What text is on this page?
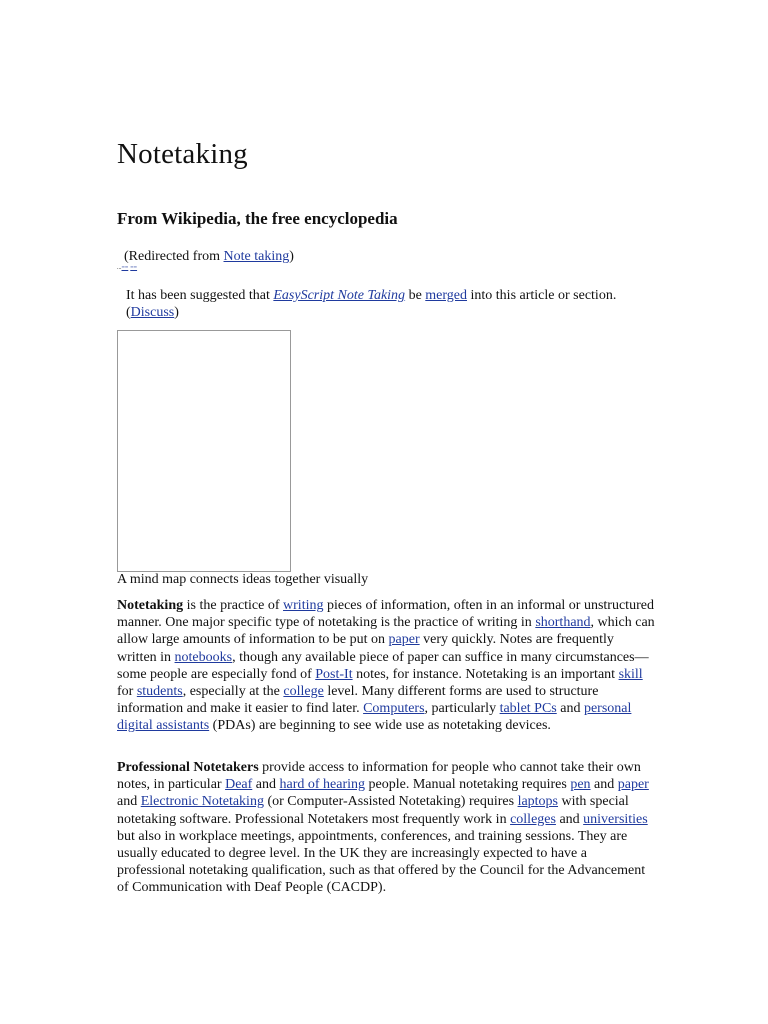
Notetaking
From Wikipedia, the free encyclopedia
(Redirected from Note taking)
...== ==
It has been suggested that EasyScript Note Taking be merged into this article or section. (Discuss)
A mind map connects ideas together visually

Notetaking is the practice of writing pieces of information, often in an informal or unstructured manner. One major specific type of notetaking is the practice of writing in shorthand, which can allow large amounts of information to be put on paper very quickly. Notes are frequently written in notebooks, though any available piece of paper can suffice in many circumstances—some people are especially fond of Post-It notes, for instance. Notetaking is an important skill for students, especially at the college level. Many different forms are used to structure information and make it easier to find later. Computers, particularly tablet PCs and personal digital assistants (PDAs) are beginning to see wide use as notetaking devices.

Professional Notetakers provide access to information for people who cannot take their own notes, in particular Deaf and hard of hearing people. Manual notetaking requires pen and paper and Electronic Notetaking (or Computer-Assisted Notetaking) requires laptops with special notetaking software. Professional Notetakers most frequently work in colleges and universities but also in workplace meetings, appointments, conferences, and training sessions. They are usually educated to degree level. In the UK they are increasingly expected to have a professional notetaking qualification, such as that offered by the Council for the Advancement of Communication with Deaf People (CACDP).
